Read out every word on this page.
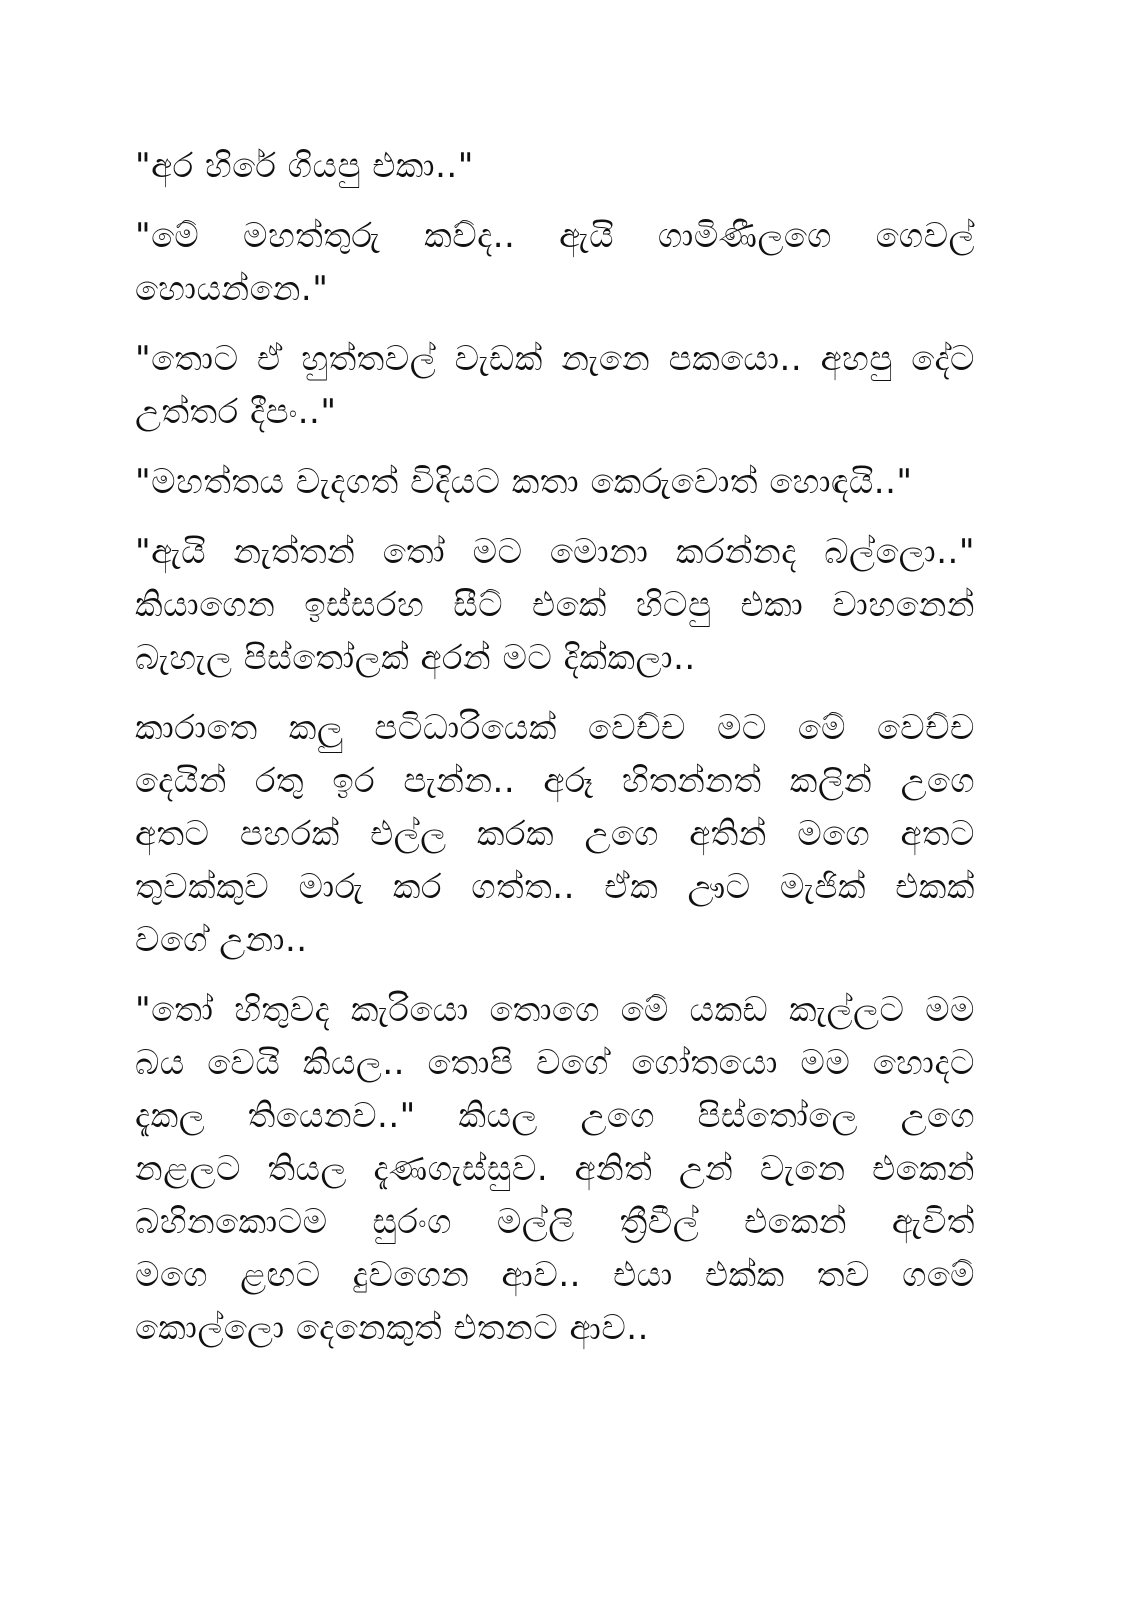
"අර හිරේ ගියපු එකා.."

"මේ මහත්තුරු කව්ද.. ඇයි ගාමිණීලගෙ ගෙවල්
හොයන්නෙ."

"තොට ඒ හුත්තවල් වැඩක් නැනෙ පකයො.. අහපු දේට
උත්තර දීපං.."

"මහත්තය වැදගත් විදියට කතා කෙරුවොත් හොඳයි.."

"ඇයි නැත්තන් තෝ මට මොනා කරන්නද බල්ලො.."
කියාගෙන ඉස්සරහ සීට් එකේ හිටපු එකා වාහනෙන්
බැහැල පිස්තෝලක් අරන් මට දික්කලා..

කාරාතෙ කලු පටිධාරියෙක් වෙච්ච මට මේ වෙච්ච
දෙයින් රතු ඉර පැන්න.. අරූ හිතන්නත් කලින් උගෙ
අතට පහරක් එල්ල කරක උගෙ අතින් මගෙ අතට
තුවක්කුව මාරු කර ගත්ත.. ඒක ඌට මැජික් එකක්
වගේ උනා..

"තෝ හිතුවද කැරියො තොගෙ මේ යකඩ කැල්ලට මම
බය වෙයි කියල.. තොපි වගේ ගෝතයො මම හොදට
දැකල තියෙනව.." කියල උගෙ පිස්තෝලෙ උගෙ
නළලට තියල දැණගැස්සුව. අනිත් උන් වැනෙ එකෙන්
බහිනකොටම සුරංග මල්ලි ත්‍රීවීල් එකෙන් ඇවිත්
මගෙ ළඟට දුවගෙන ආව.. එයා එක්ක තව ගමේ
කොල්ලො දෙනෙකුත් එතනට ආව..
